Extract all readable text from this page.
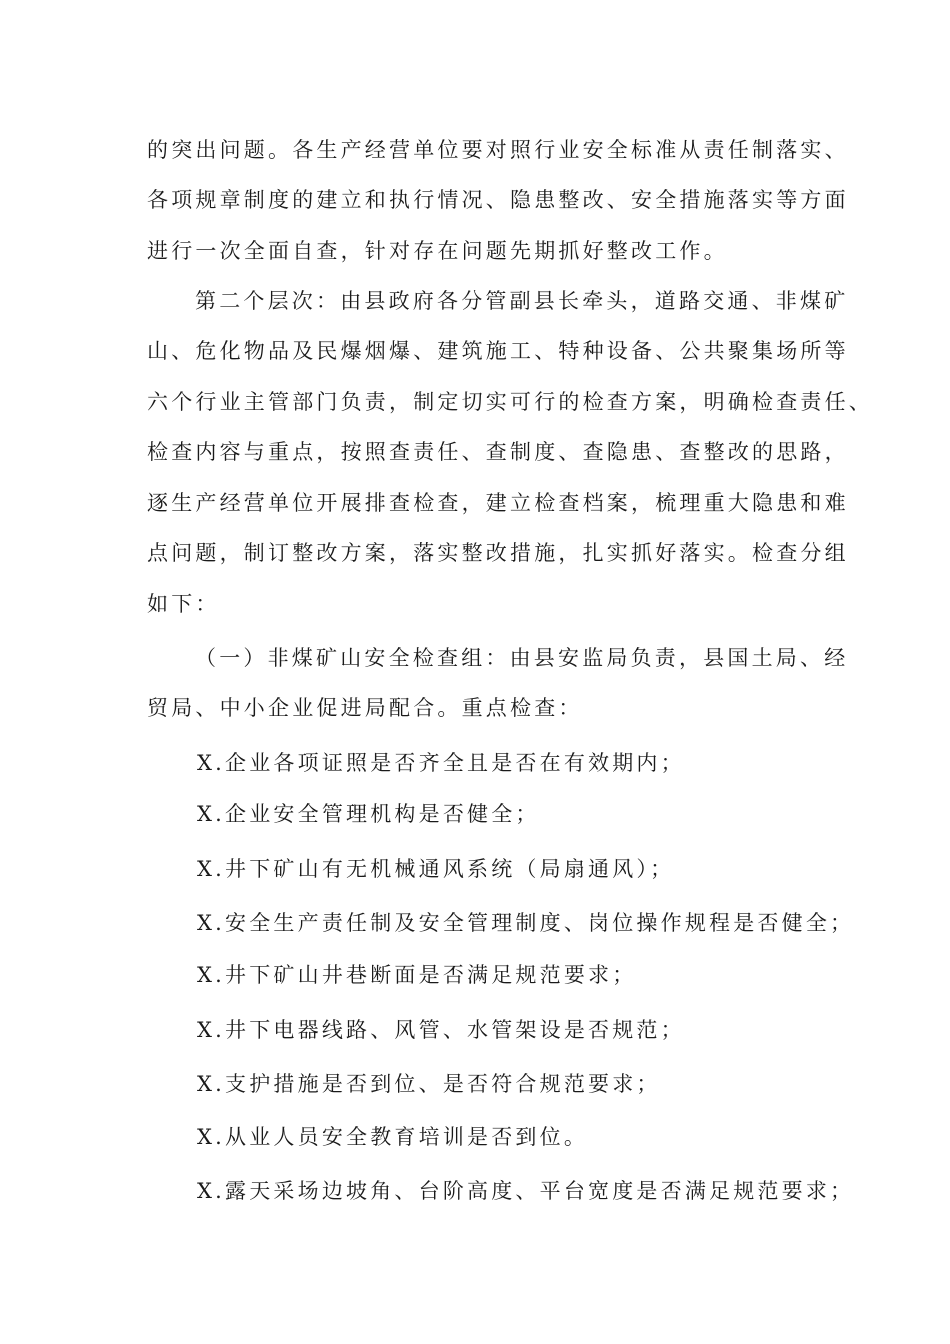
的突出问题。各生产经营单位要对照行业安全标准从责任制落实、
各项规章制度的建立和执行情况、隐患整改、安全措施落实等方面
进行一次全面自查，针对存在问题先期抓好整改工作。
第二个层次：由县政府各分管副县长牵头，道路交通、非煤矿
山、危化物品及民爆烟爆、建筑施工、特种设备、公共聚集场所等
六个行业主管部门负责，制定切实可行的检查方案，明确检查责任、
检查内容与重点，按照查责任、查制度、查隐患、查整改的思路，
逐生产经营单位开展排查检查，建立检查档案，梳理重大隐患和难
点问题，制订整改方案，落实整改措施，扎实抓好落实。检查分组
如下：
（一）非煤矿山安全检查组：由县安监局负责，县国土局、经
贸局、中小企业促进局配合。重点检查：
X.企业各项证照是否齐全且是否在有效期内；
X.企业安全管理机构是否健全；
X.井下矿山有无机械通风系统（局扇通风）；
X.安全生产责任制及安全管理制度、岗位操作规程是否健全；
X.井下矿山井巷断面是否满足规范要求；
X.井下电器线路、风管、水管架设是否规范；
X.支护措施是否到位、是否符合规范要求；
X.从业人员安全教育培训是否到位。
X.露天采场边坡角、台阶高度、平台宽度是否满足规范要求；
